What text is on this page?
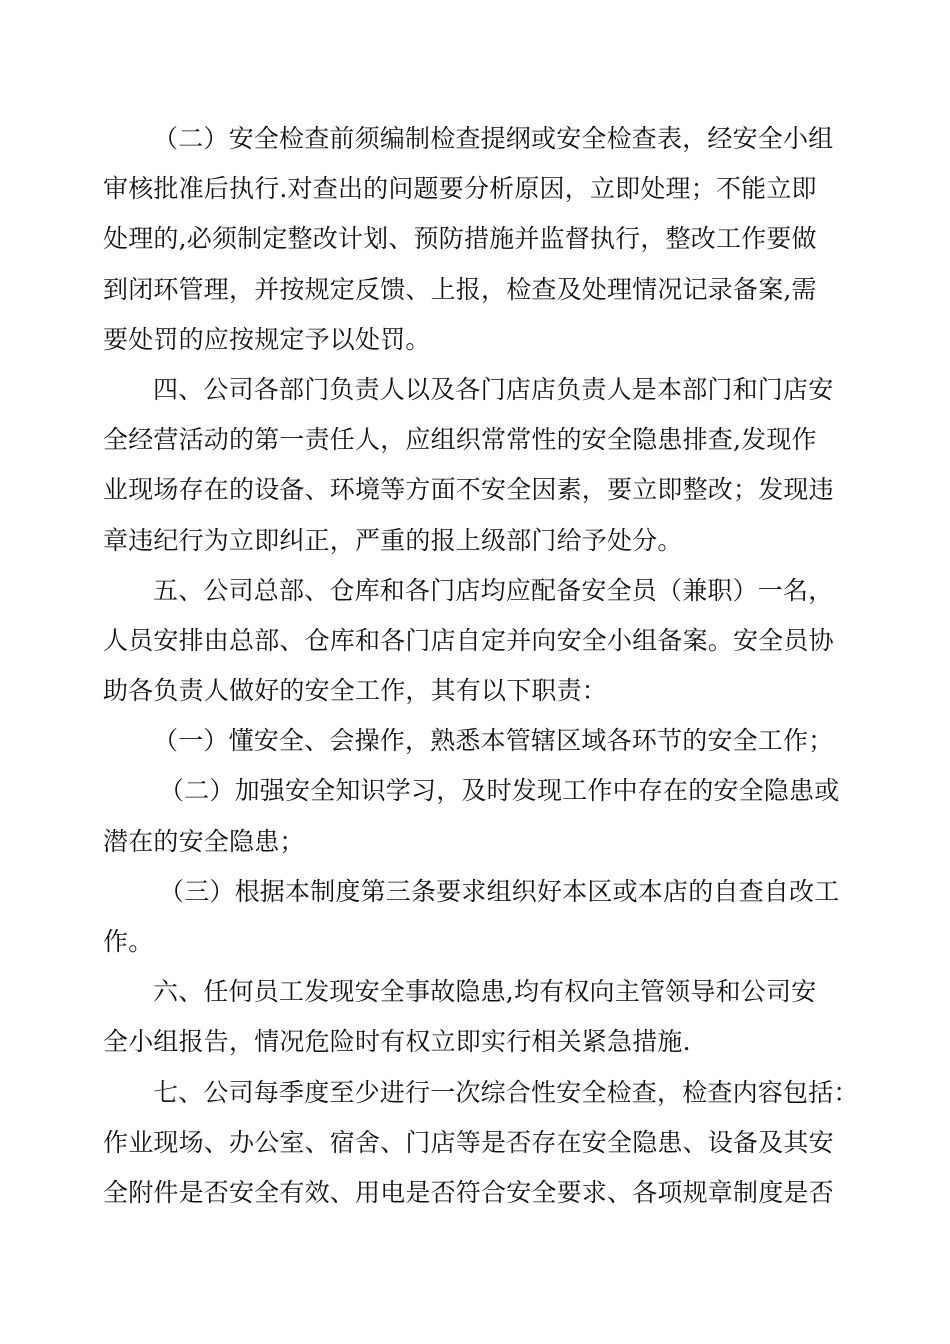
（二）安全检查前须编制检查提纲或安全检查表，经安全小组
审核批准后执行.对查出的问题要分析原因，立即处理；不能立即
处理的,必须制定整改计划、预防措施并监督执行，整改工作要做
到闭环管理，并按规定反馈、上报，检查及处理情况记录备案,需
要处罚的应按规定予以处罚。
四、公司各部门负责人以及各门店店负责人是本部门和门店安
全经营活动的第一责任人，应组织常常性的安全隐患排查,发现作
业现场存在的设备、环境等方面不安全因素，要立即整改；发现违
章违纪行为立即纠正，严重的报上级部门给予处分。
五、公司总部、仓库和各门店均应配备安全员（兼职）一名，
人员安排由总部、仓库和各门店自定并向安全小组备案。安全员协
助各负责人做好的安全工作，其有以下职责：
（一）懂安全、会操作，熟悉本管辖区域各环节的安全工作；
（二）加强安全知识学习，及时发现工作中存在的安全隐患或
潜在的安全隐患；
（三）根据本制度第三条要求组织好本区或本店的自查自改工
作。
六、任何员工发现安全事故隐患,均有权向主管领导和公司安
全小组报告，情况危险时有权立即实行相关紧急措施.
七、公司每季度至少进行一次综合性安全检查，检查内容包括：
作业现场、办公室、宿舍、门店等是否存在安全隐患、设备及其安
全附件是否安全有效、用电是否符合安全要求、各项规章制度是否
